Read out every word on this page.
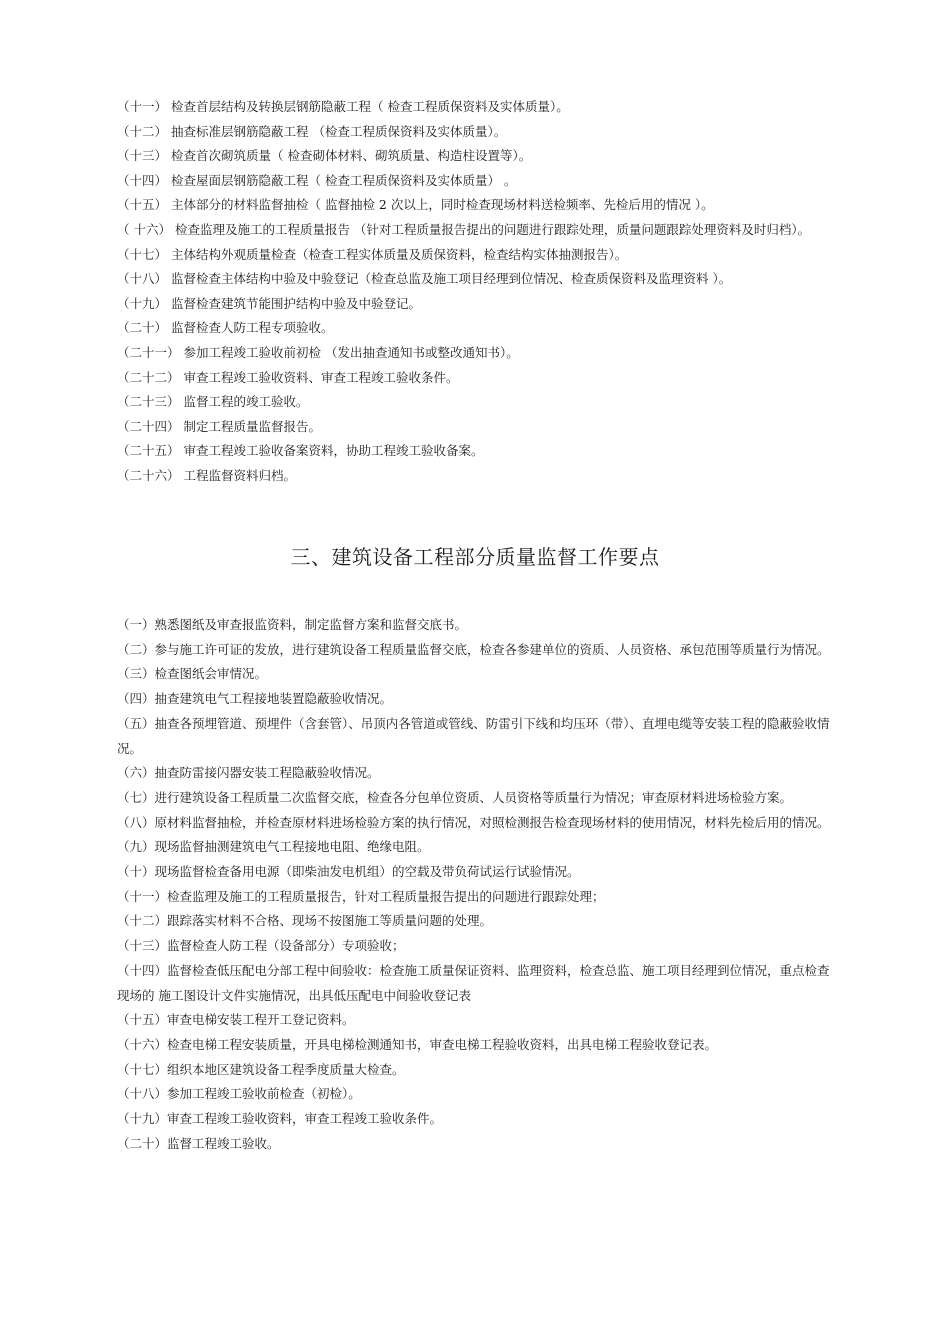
（十一） 检查首层结构及转换层钢筋隐蔽工程（ 检查工程质保资料及实体质量）。
（十二） 抽查标准层钢筋隐蔽工程 （检查工程质保资料及实体质量）。
（十三） 检查首次砌筑质量（ 检查砌体材料、砌筑质量、构造柱设置等）。
（十四） 检查屋面层钢筋隐蔽工程（ 检查工程质保资料及实体质量） 。
（十五） 主体部分的材料监督抽检（ 监督抽检 2 次以上，同时检查现场材料送检频率、先检后用的情况 ）。
（ 十六） 检查监理及施工的工程质量报告 （针对工程质量报告提出的问题进行跟踪处理，质量问题跟踪处理资料及时归档）。
（十七） 主体结构外观质量检查（检查工程实体质量及质保资料，检查结构实体抽测报告）。
（十八） 监督检查主体结构中验及中验登记（检查总监及施工项目经理到位情况、检查质保资料及监理资料 ）。
（十九） 监督检查建筑节能围护结构中验及中验登记。
（二十） 监督检查人防工程专项验收。
（二十一） 参加工程竣工验收前初检 （发出抽查通知书或整改通知书）。
（二十二） 审查工程竣工验收资料、审查工程竣工验收条件。
（二十三） 监督工程的竣工验收。
（二十四） 制定工程质量监督报告。
（二十五） 审查工程竣工验收备案资料，协助工程竣工验收备案。
（二十六） 工程监督资料归档。
三、建筑设备工程部分质量监督工作要点
（一）熟悉图纸及审查报监资料，制定监督方案和监督交底书。
（二）参与施工许可证的发放，进行建筑设备工程质量监督交底，检查各参建单位的资质、人员资格、承包范围等质量行为情况。
（三）检查图纸会审情况。
（四）抽查建筑电气工程接地装置隐蔽验收情况。
（五）抽查各预埋管道、预埋件（含套管）、吊顶内各管道或管线、防雷引下线和均压环（带）、直埋电缆等安装工程的隐蔽验收情况。
（六）抽查防雷接闪器安装工程隐蔽验收情况。
（七）进行建筑设备工程质量二次监督交底，检查各分包单位资质、人员资格等质量行为情况；审查原材料进场检验方案。
（八）原材料监督抽检，并检查原材料进场检验方案的执行情况，对照检测报告检查现场材料的使用情况，材料先检后用的情况。
（九）现场监督抽测建筑电气工程接地电阻、绝缘电阻。
（十）现场监督检查备用电源（即柴油发电机组）的空载及带负荷试运行试验情况。
（十一）检查监理及施工的工程质量报告，针对工程质量报告提出的问题进行跟踪处理；
（十二）跟踪落实材料不合格、现场不按图施工等质量问题的处理。
（十三）监督检查人防工程（设备部分）专项验收；
（十四）监督检查低压配电分部工程中间验收：检查施工质量保证资料、监理资料，检查总监、施工项目经理到位情况，重点检查现场的 施工图设计文件实施情况，出具低压配电中间验收登记表
（十五）审查电梯安装工程开工登记资料。
（十六）检查电梯工程安装质量，开具电梯检测通知书，审查电梯工程验收资料，出具电梯工程验收登记表。
（十七）组织本地区建筑设备工程季度质量大检查。
（十八）参加工程竣工验收前检查（初检）。
（十九）审查工程竣工验收资料，审查工程竣工验收条件。
（二十）监督工程竣工验收。
